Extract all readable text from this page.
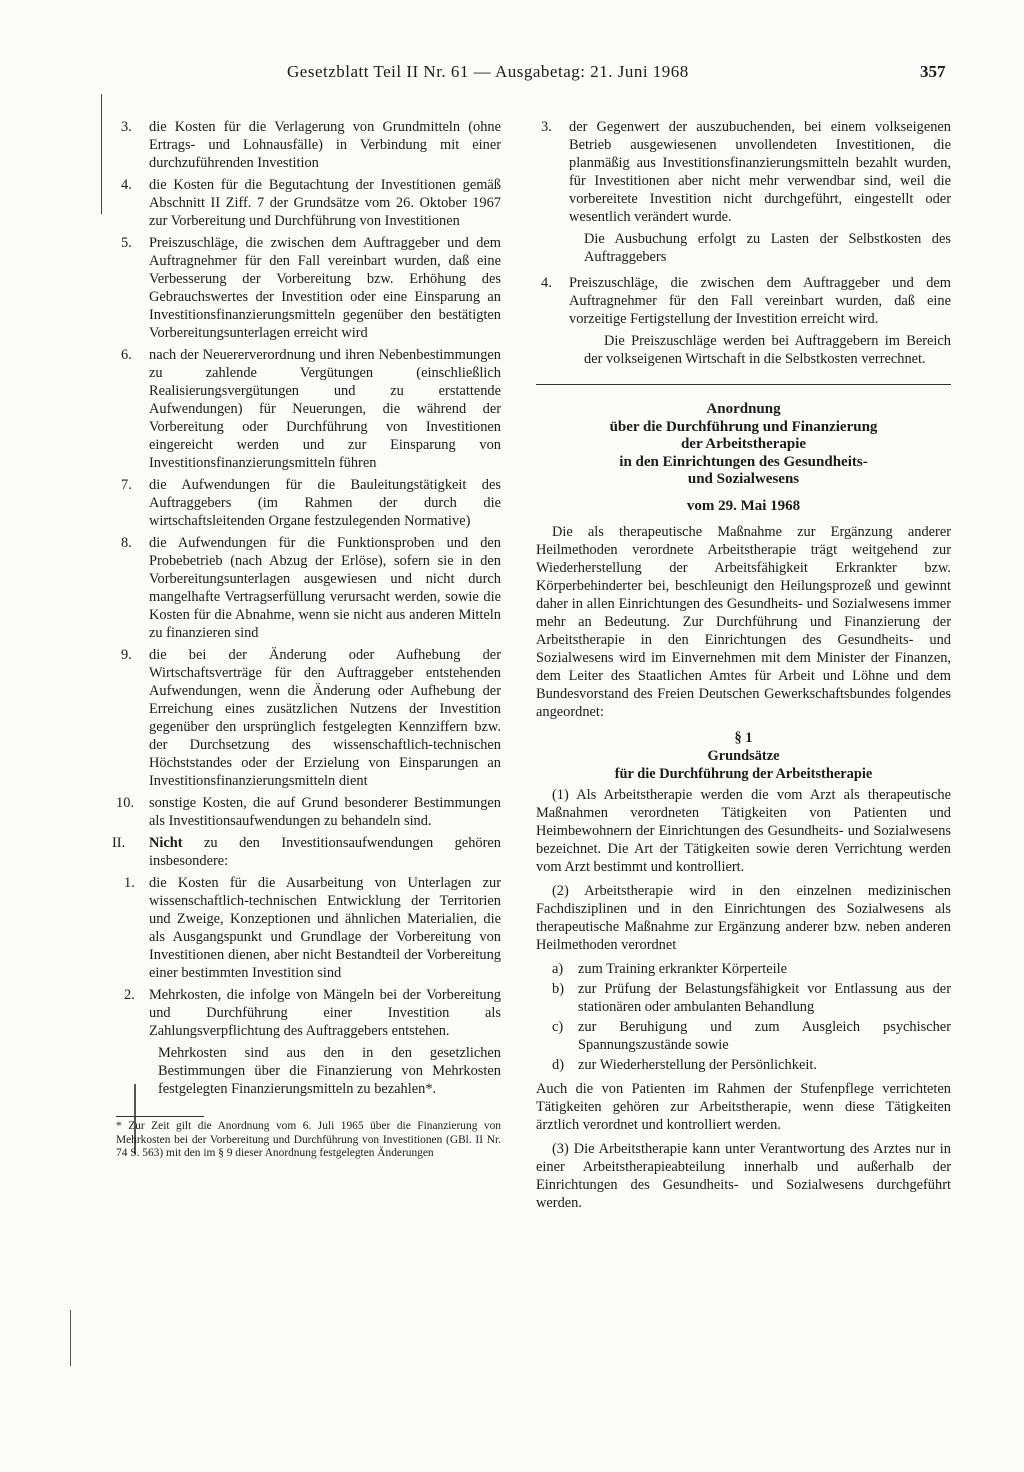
Gesetzblatt Teil II Nr. 61 — Ausgabetag: 21. Juni 1968	357
3. die Kosten für die Verlagerung von Grundmitteln (ohne Ertrags- und Lohnausfälle) in Verbindung mit einer durchzuführenden Investition
4. die Kosten für die Begutachtung der Investitionen gemäß Abschnitt II Ziff. 7 der Grundsätze vom 26. Oktober 1967 zur Vorbereitung und Durchführung von Investitionen
5. Preiszuschläge, die zwischen dem Auftraggeber und dem Auftragnehmer für den Fall vereinbart wurden, daß eine Verbesserung der Vorbereitung bzw. Erhöhung des Gebrauchswertes der Investition oder eine Einsparung an Investitionsfinanzierungsmitteln gegenüber den bestätigten Vorbereitungsunterlagen erreicht wird
6. nach der Neuererverordnung und ihren Nebenbestimmungen zu zahlende Vergütungen (einschließlich Realisierungsvergütungen und zu erstattende Aufwendungen) für Neuerungen, die während der Vorbereitung oder Durchführung von Investitionen eingereicht werden und zur Einsparung von Investitionsfinanzierungsmitteln führen
7. die Aufwendungen für die Bauleitungstätigkeit des Auftraggebers (im Rahmen der durch die wirtschaftsleitenden Organe festzulegenden Normative)
8. die Aufwendungen für die Funktionsproben und den Probebetrieb (nach Abzug der Erlöse), sofern sie in den Vorbereitungsunterlagen ausgewiesen und nicht durch mangelhafte Vertragserfüllung verursacht werden, sowie die Kosten für die Abnahme, wenn sie nicht aus anderen Mitteln zu finanzieren sind
9. die bei der Änderung oder Aufhebung der Wirtschaftsverträge für den Auftraggeber entstehenden Aufwendungen, wenn die Änderung oder Aufhebung der Erreichung eines zusätzlichen Nutzens der Investition gegenüber den ursprünglich festgelegten Kennziffern bzw. der Durchsetzung des wissenschaftlich-technischen Höchststandes oder der Erzielung von Einsparungen an Investitionsfinanzierungsmitteln dient
10. sonstige Kosten, die auf Grund besonderer Bestimmungen als Investitionsaufwendungen zu behandeln sind.
II. Nicht zu den Investitionsaufwendungen gehören insbesondere:
1. die Kosten für die Ausarbeitung von Unterlagen zur wissenschaftlich-technischen Entwicklung der Territorien und Zweige, Konzeptionen und ähnlichen Materialien, die als Ausgangspunkt und Grundlage der Vorbereitung von Investitionen dienen, aber nicht Bestandteil der Vorbereitung einer bestimmten Investition sind
2. Mehrkosten, die infolge von Mängeln bei der Vorbereitung und Durchführung einer Investition als Zahlungsverpflichtung des Auftraggebers entstehen.
Mehrkosten sind aus den in den gesetzlichen Bestimmungen über die Finanzierung von Mehrkosten festgelegten Finanzierungsmitteln zu bezahlen*.
* Zur Zeit gilt die Anordnung vom 6. Juli 1965 über die Finanzierung von Mehrkosten bei der Vorbereitung und Durchführung von Investitionen (GBl. II Nr. 74 S. 563) mit den im § 9 dieser Anordnung festgelegten Änderungen
3. der Gegenwert der auszubuchenden, bei einem volkseigenen Betrieb ausgewiesenen unvollendeten Investitionen, die planmäßig aus Investitionsfinanzierungsmitteln bezahlt wurden, für Investitionen aber nicht mehr verwendbar sind, weil die vorbereitete Investition nicht durchgeführt, eingestellt oder wesentlich verändert wurde.
Die Ausbuchung erfolgt zu Lasten der Selbstkosten des Auftraggebers
4. Preiszuschläge, die zwischen dem Auftraggeber und dem Auftragnehmer für den Fall vereinbart wurden, daß eine vorzeitige Fertigstellung der Investition erreicht wird.
Die Preiszuschläge werden bei Auftraggebern im Bereich der volkseigenen Wirtschaft in die Selbstkosten verrechnet.
Anordnung
über die Durchführung und Finanzierung
der Arbeitstherapie
in den Einrichtungen des Gesundheits-
und Sozialwesens
vom 29. Mai 1968
Die als therapeutische Maßnahme zur Ergänzung anderer Heilmethoden verordnete Arbeitstherapie trägt weitgehend zur Wiederherstellung der Arbeitsfähigkeit Erkrankter bzw. Körperbehinderter bei, beschleunigt den Heilungsprozeß und gewinnt daher in allen Einrichtungen des Gesundheits- und Sozialwesens immer mehr an Bedeutung. Zur Durchführung und Finanzierung der Arbeitstherapie in den Einrichtungen des Gesundheits- und Sozialwesens wird im Einvernehmen mit dem Minister der Finanzen, dem Leiter des Staatlichen Amtes für Arbeit und Löhne und dem Bundesvorstand des Freien Deutschen Gewerkschaftsbundes folgendes angeordnet:
§ 1
Grundsätze
für die Durchführung der Arbeitstherapie
(1) Als Arbeitstherapie werden die vom Arzt als therapeutische Maßnahmen verordneten Tätigkeiten von Patienten und Heimbewohnern der Einrichtungen des Gesundheits- und Sozialwesens bezeichnet. Die Art der Tätigkeiten sowie deren Verrichtung werden vom Arzt bestimmt und kontrolliert.
(2) Arbeitstherapie wird in den einzelnen medizinischen Fachdisziplinen und in den Einrichtungen des Sozialwesens als therapeutische Maßnahme zur Ergänzung anderer bzw. neben anderen Heilmethoden verordnet
a) zum Training erkrankter Körperteile
b) zur Prüfung der Belastungsfähigkeit vor Entlassung aus der stationären oder ambulanten Behandlung
c) zur Beruhigung und zum Ausgleich psychischer Spannungszustände sowie
d) zur Wiederherstellung der Persönlichkeit.
Auch die von Patienten im Rahmen der Stufenpflege verrichteten Tätigkeiten gehören zur Arbeitstherapie, wenn diese Tätigkeiten ärztlich verordnet und kontrolliert werden.
(3) Die Arbeitstherapie kann unter Verantwortung des Arztes nur in einer Arbeitstherapieabteilung innerhalb und außerhalb der Einrichtungen des Gesundheits- und Sozialwesens durchgeführt werden.
